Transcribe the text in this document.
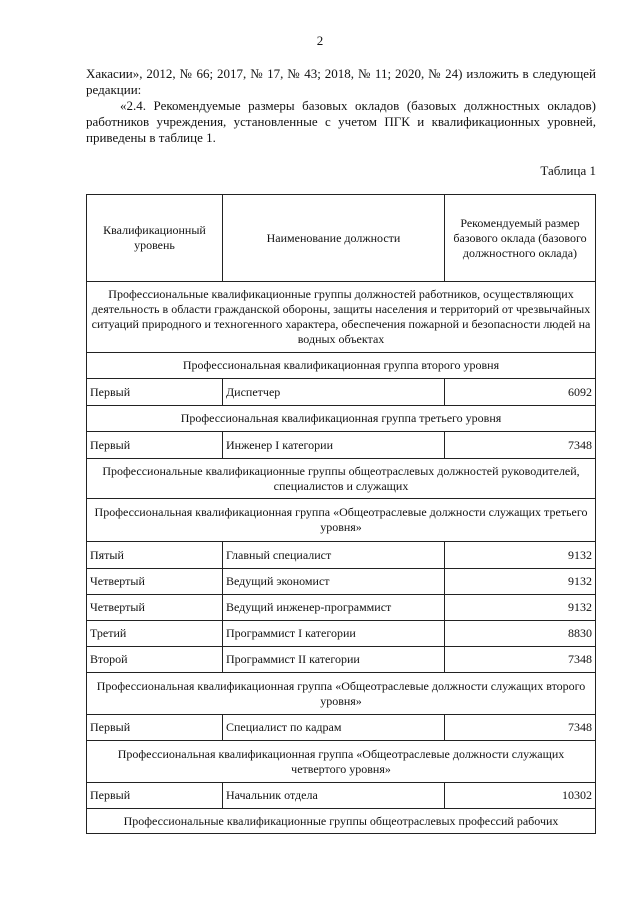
2
Хакасии», 2012, № 66; 2017, № 17, № 43; 2018, № 11; 2020, № 24) изложить в следующей редакции:
«2.4. Рекомендуемые размеры базовых окладов (базовых должностных окладов) работников учреждения, установленные с учетом ПГК и квалификационных уровней, приведены в таблице 1.
Таблица 1
Квалификационный уровень	Наименование должности	Рекомендуемый размер базового оклада (базового должностного оклада)
Профессиональные квалификационные группы должностей работников, осуществляющих деятельность в области гражданской обороны, защиты населения и территорий от чрезвычайных ситуаций природного и техногенного характера, обеспечения пожарной и безопасности людей на водных объектах		
Профессиональная квалификационная группа второго уровня		
Первый	Диспетчер	6092
Профессиональная квалификационная группа третьего уровня		
Первый	Инженер I категории	7348
Профессиональные квалификационные группы общеотраслевых должностей руководителей, специалистов и служащих		
Профессиональная квалификационная группа «Общеотраслевые должности служащих третьего уровня»		
Пятый	Главный специалист	9132
Четвертый	Ведущий экономист	9132
Четвертый	Ведущий инженер-программист	9132
Третий	Программист I категории	8830
Второй	Программист II категории	7348
Профессиональная квалификационная группа «Общеотраслевые должности служащих второго уровня»		
Первый	Специалист по кадрам	7348
Профессиональная квалификационная группа «Общеотраслевые должности служащих четвертого уровня»		
Первый	Начальник отдела	10302
Профессиональные квалификационные группы общеотраслевых профессий рабочих		
